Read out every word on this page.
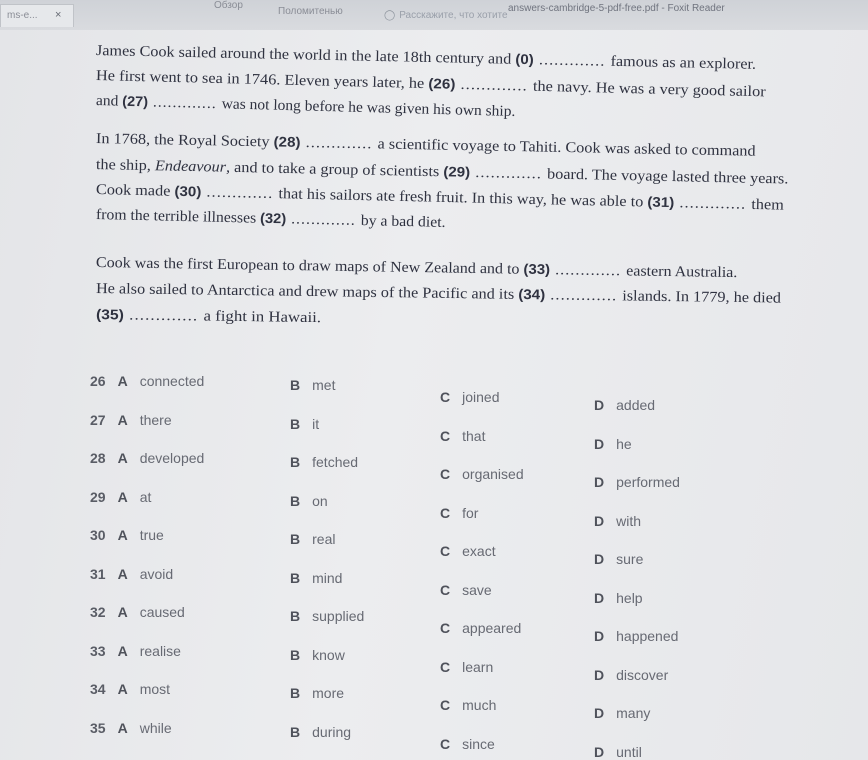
ms-e... ×
Обзор
Поломитенью	◯ Расскажите, что хотите
answers-cambridge-5-pdf-free.pdf - Foxit Reader
James Cook sailed around the world in the late 18th century and (0) ............. famous as an explorer.
He first went to sea in 1746. Eleven years later, he (26) ............. the navy. He was a very good sailor
and (27) ............. was not long before he was given his own ship.
In 1768, the Royal Society (28) ............. a scientific voyage to Tahiti. Cook was asked to command
the ship, Endeavour, and to take a group of scientists (29) ............. board. The voyage lasted three years.
Cook made (30) ............. that his sailors ate fresh fruit. In this way, he was able to (31) ............. them
from the terrible illnesses (32) ............. by a bad diet.
Cook was the first European to draw maps of New Zealand and to (33) ............. eastern Australia.
He also sailed to Antarctica and drew maps of the Pacific and its (34) ............. islands. In 1779, he died
(35) ............. a fight in Hawaii.
26 A connected	B met
C joined	D added
27 A there	B it
C that	D he
28 A developed	B fetched
C organised	D performed
29 A at	B on
C for	D with
30 A true	B real
C exact	D sure
31 A avoid	B mind
C save	D help
32 A caused	B supplied
C appeared	D happened
33 A realise	B know
C learn	D discover
34 A most	B more
C much	D many
35 A while	B during
C since	D until
